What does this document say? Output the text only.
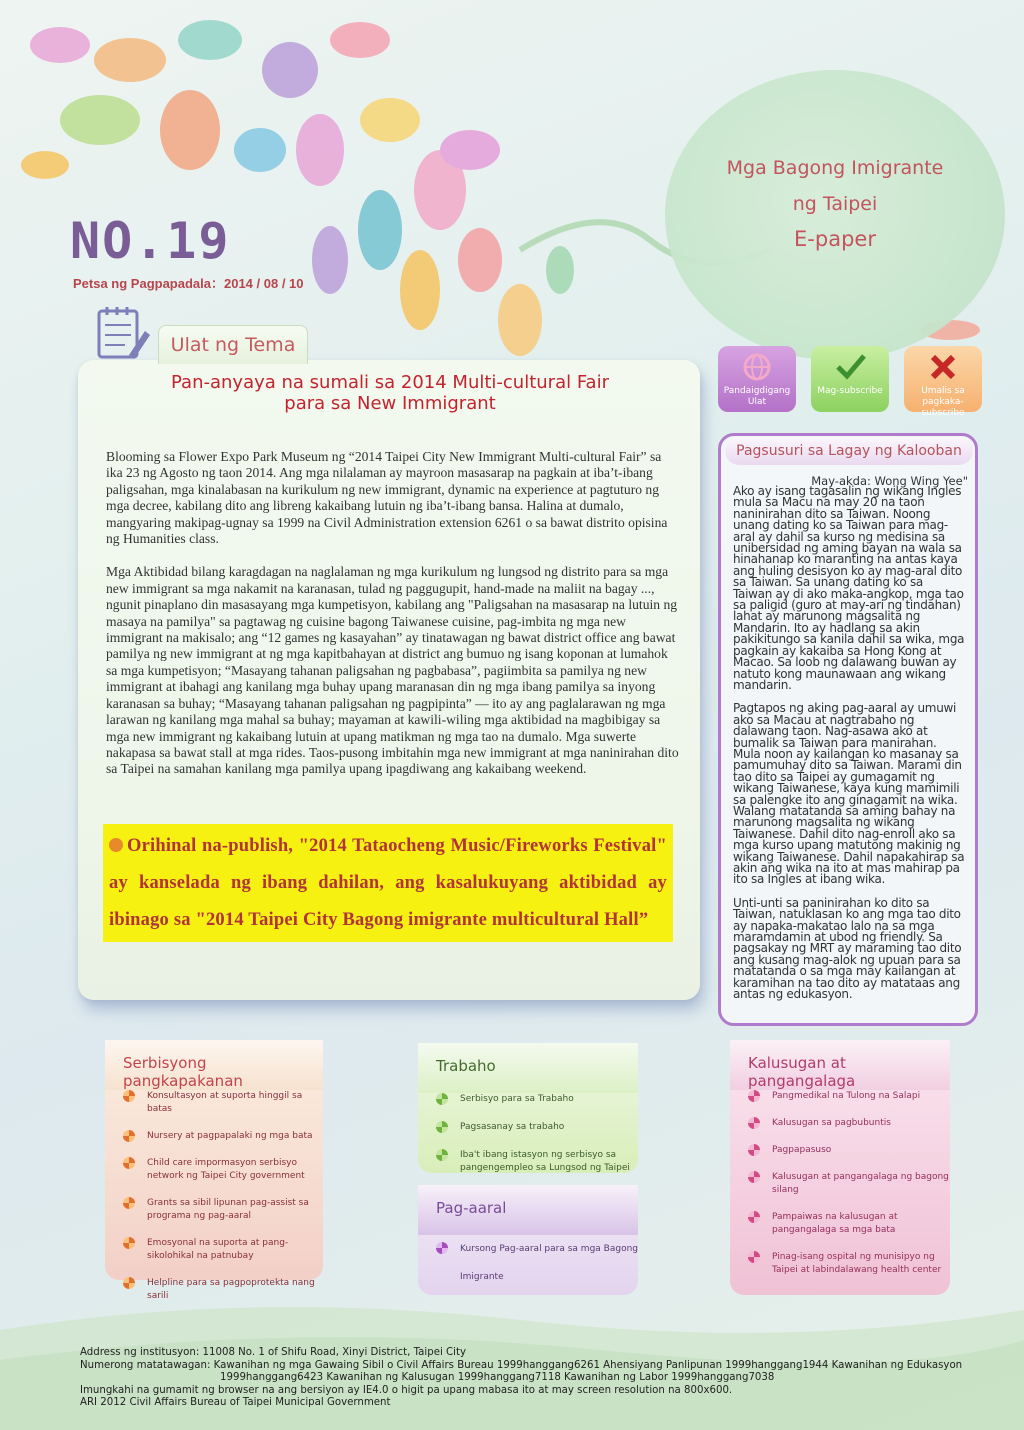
Mga Bagong Imigrante
ng Taipei
E-paper
NO.19
Petsa ng Pagpapadala：2014 / 08 / 10
Ulat ng Tema
Pan-anyaya na sumali sa 2014 Multi-cultural Fair
para sa New Immigrant

Blooming sa Flower Expo Park Museum ng “2014 Taipei City New Immigrant Multi-cultural Fair” sa ika 23 ng Agosto ng taon 2014. Ang mga nilalaman ay mayroon masasarap na pagkain at iba’t-ibang paligsahan, mga kinalabasan na kurikulum ng new immigrant, dynamic na experience at pagtuturo ng mga decree, kabilang dito ang libreng kakaibang lutuin ng iba’t-ibang bansa. Halina at dumalo, mangyaring makipag-ugnay sa 1999 na Civil Administration extension 6261 o sa bawat distrito opisina ng Humanities class.

Mga Aktibidad bilang karagdagan na naglalaman ng mga kurikulum ng lungsod ng distrito para sa mga new immigrant sa mga nakamit na karanasan, tulad ng paggugupit, hand-made na maliit na bagay ..., ngunit pinaplano din masasayang mga kumpetisyon, kabilang ang "Paligsahan na masasarap na lutuin ng masaya na pamilya" sa pagtawag ng cuisine bagong Taiwanese cuisine, pag-imbita ng mga new immigrant na makisalo; ang “12 games ng kasayahan” ay tinatawagan ng bawat district office ang bawat pamilya ng new immigrant at ng mga kapitbahayan at district ang bumuo ng isang koponan at lumahok sa mga kumpetisyon; “Masayang tahanan paligsahan ng pagbabasa”, pagiimbita sa pamilya ng new immigrant at ibahagi ang kanilang mga buhay upang maranasan din ng mga ibang pamilya sa inyong karanasan sa buhay; “Masayang tahanan paligsahan ng pagpipinta” — ito ay ang paglalarawan ng mga larawan ng kanilang mga mahal sa buhay; mayaman at kawili-wiling mga aktibidad na magbibigay sa mga new immigrant ng kakaibang lutuin at upang matikman ng mga tao na dumalo. Mga suwerte nakapasa sa bawat stall at mga rides. Taos-pusong imbitahin mga new immigrant at mga naninirahan dito sa Taipei na samahan kanilang mga pamilya upang ipagdiwang ang kakaibang weekend.

Orihinal na-publish, "2014 Tataocheng Music/Fireworks Festival" ay kanselada ng ibang dahilan, ang kasalukuyang aktibidad ay ibinago sa "2014 Taipei City Bagong imigrante multicultural Hall”
Pandaigdigang Ulat
Mag-subscribe	Umalis sa pagkaka-subscribe
Pagsusuri sa Lagay ng Kalooban
May-akda: Wong Wing Yee"

Ako ay isang tagasalin ng wikang Ingles mula sa Macu na may 20 na taon naninirahan dito sa Taiwan. Noong unang dating ko sa Taiwan para mag-aral ay dahil sa kurso ng medisina sa unibersidad ng aming bayan na wala sa hinahanap ko maranting na antas kaya ang huling desisyon ko ay mag-aral dito sa Taiwan. Sa unang dating ko sa Taiwan ay di ako maka-angkop, mga tao sa paligid (guro at may-ari ng tindahan) lahat ay marunong magsalita ng Mandarin. Ito ay hadlang sa akin pakikitungo sa kanila dahil sa wika, mga pagkain ay kakaiba sa Hong Kong at Macao. Sa loob ng dalawang buwan ay natuto kong maunawaan ang wikang mandarin.

Pagtapos ng aking pag-aaral ay umuwi ako sa Macau at nagtrabaho ng dalawang taon. Nag-asawa ako at bumalik sa Taiwan para manirahan. Mula noon ay kailangan ko masanay sa pamumuhay dito sa Taiwan. Marami din tao dito sa Taipei ay gumagamit ng wikang Taiwanese, kaya kung mamimili sa palengke ito ang ginagamit na wika. Walang matatanda sa aming bahay na marunong magsalita ng wikang Taiwanese. Dahil dito nag-enroll ako sa mga kurso upang matutong makinig ng wikang Taiwanese. Dahil napakahirap sa akin ang wika na ito at mas mahirap pa ito sa Ingles at ibang wika.

Unti-unti sa paninirahan ko dito sa Taiwan, natuklasan ko ang mga tao dito ay napaka-makatao lalo na sa mga maramdamin at ubod ng friendly. Sa pagsakay ng MRT ay maraming tao dito ang kusang mag-alok ng upuan para sa matatanda o sa mga may kailangan at karamihan na tao dito ay matataas ang antas ng edukasyon.

Serbisyong pangkapakanan
Konsultasyon at suporta hinggil sa batas
Nursery at pagpapalaki ng mga bata
Child care impormasyon serbisyo network ng Taipei City government
Grants sa sibil lipunan pag-assist sa programa ng pag-aaral
Emosyonal na suporta at pang-sikolohikal na patnubay
Helpline para sa pagpoprotekta nang sarili
Trabaho
Serbisyo para sa Trabaho
Pagsasanay sa trabaho
Iba't ibang istasyon ng serbisyo sa pangengempleo sa Lungsod ng Taipei
Pag-aaral
Kursong Pag-aaral para sa mga Bagong Imigrante
Kalusugan at pangangalaga
Pangmedikal na Tulong na Salapi
Kalusugan sa pagbubuntis
Pagpapasuso
Kalusugan at pangangalaga ng bagong silang
Pampaiwas na kalusugan at pangangalaga sa mga bata
Pinag-isang ospital ng munisipyo ng Taipei at labindalawang health center
Address ng institusyon: 11008 No. 1 of Shifu Road, Xinyi District, Taipei City
Numerong matatawagan: Kawanihan ng mga Gawaing Sibil o Civil Affairs Bureau 1999hanggang6261 Ahensiyang Panlipunan 1999hanggang1944 Kawanihan ng Edukasyon
1999hanggang6423 Kawanihan ng Kalusugan 1999hanggang7118 Kawanihan ng Labor 1999hanggang7038
Imungkahi na gumamit ng browser na ang bersiyon ay IE4.0 o higit pa upang mabasa ito at may screen resolution na 800x600.
ARI 2012 Civil Affairs Bureau of Taipei Municipal Government
